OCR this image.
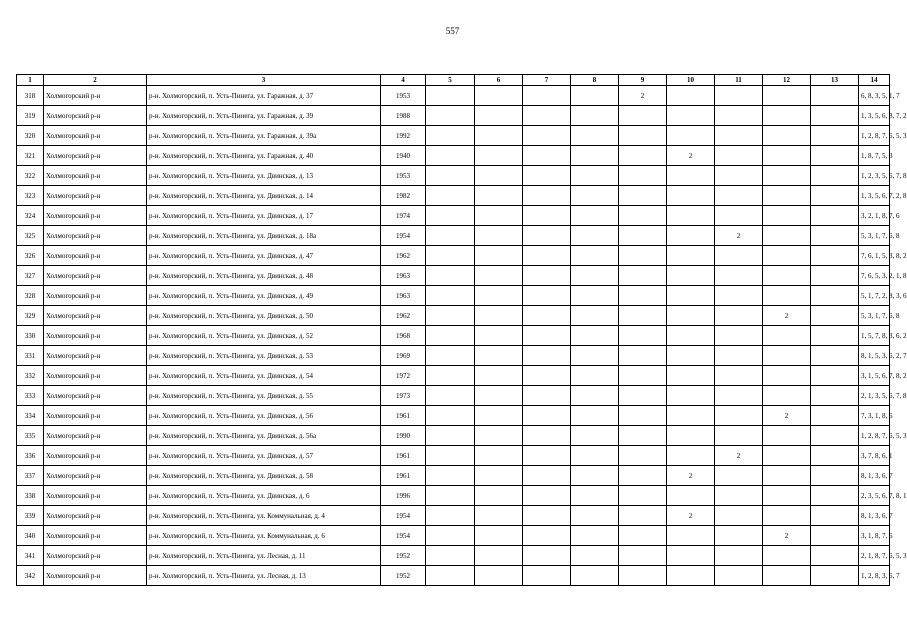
557
1	2	3	4	5	6	7	8	9	10	11	12	13	14
318	Холмогорский р-н	р-н. Холмогорский, п. Усть-Пинега, ул. Гаражная, д. 37	1953					2					6, 8, 3, 5, 1, 7
319	Холмогорский р-н	р-н. Холмогорский, п. Усть-Пинега, ул. Гаражная, д. 39	1988										1, 3, 5, 6, 8, 7, 2
320	Холмогорский р-н	р-н. Холмогорский, п. Усть-Пинега, ул. Гаражная, д. 39а	1992										1, 2, 8, 7, 6, 5, 3
321	Холмогорский р-н	р-н. Холмогорский, п. Усть-Пинега, ул. Гаражная, д. 40	1940						2				1, 8, 7, 5, 3
322	Холмогорский р-н	р-н. Холмогорский, п. Усть-Пинега, ул. Двинская, д. 13	1953										1, 2, 3, 5, 6, 7, 8
323	Холмогорский р-н	р-н. Холмогорский, п. Усть-Пинега, ул. Двинская, д. 14	1982										1, 3, 5, 6, 7, 2, 8
324	Холмогорский р-н	р-н. Холмогорский, п. Усть-Пинега, ул. Двинская, д. 17	1974										3, 2, 1, 8, 7, 6
325	Холмогорский р-н	р-н. Холмогорский, п. Усть-Пинега, ул. Двинская, д. 18а	1954							2			5, 3, 1, 7, 6, 8
326	Холмогорский р-н	р-н. Холмогорский, п. Усть-Пинега, ул. Двинская, д. 47	1962										7, 6, 1, 5, 3, 8, 2
327	Холмогорский р-н	р-н. Холмогорский, п. Усть-Пинега, ул. Двинская, д. 48	1963										7, 6, 5, 3, 2, 1, 8
328	Холмогорский р-н	р-н. Холмогорский, п. Усть-Пинега, ул. Двинская, д. 49	1963										5, 1, 7, 2, 8, 3, 6
329	Холмогорский р-н	р-н. Холмогорский, п. Усть-Пинега, ул. Двинская, д. 50	1962								2		5, 3, 1, 7, 6, 8
330	Холмогорский р-н	р-н. Холмогорский, п. Усть-Пинега, ул. Двинская, д. 52	1968										1, 5, 7, 8, 3, 6, 2
331	Холмогорский р-н	р-н. Холмогорский, п. Усть-Пинега, ул. Двинская, д. 53	1969										8, 1, 5, 3, 6, 2, 7
332	Холмогорский р-н	р-н. Холмогорский, п. Усть-Пинега, ул. Двинская, д. 54	1972										3, 1, 5, 6, 7, 8, 2
333	Холмогорский р-н	р-н. Холмогорский, п. Усть-Пинега, ул. Двинская, д. 55	1973										2, 1, 3, 5, 6, 7, 8
334	Холмогорский р-н	р-н. Холмогорский, п. Усть-Пинега, ул. Двинская, д. 56	1961								2		7, 3, 1, 8, 6
335	Холмогорский р-н	р-н. Холмогорский, п. Усть-Пинега, ул. Двинская, д. 56а	1990										1, 2, 8, 7, 6, 5, 3
336	Холмогорский р-н	р-н. Холмогорский, п. Усть-Пинега, ул. Двинская, д. 57	1961							2			3, 7, 8, 6, 1
337	Холмогорский р-н	р-н. Холмогорский, п. Усть-Пинега, ул. Двинская, д. 58	1961						2				8, 1, 3, 6, 7
338	Холмогорский р-н	р-н. Холмогорский, п. Усть-Пинега, ул. Двинская, д. 6	1996										2, 3, 5, 6, 7, 8, 1
339	Холмогорский р-н	р-н. Холмогорский, п. Усть-Пинега, ул. Коммунальная, д. 4	1954						2				8, 1, 3, 6, 7
340	Холмогорский р-н	р-н. Холмогорский, п. Усть-Пинега, ул. Коммунальная, д. 6	1954								2		3, 1, 8, 7, 6
341	Холмогорский р-н	р-н. Холмогорский, п. Усть-Пинега, ул. Лесная, д. 11	1952										2, 1, 8, 7, 6, 5, 3
342	Холмогорский р-н	р-н. Холмогорский, п. Усть-Пинега, ул. Лесная, д. 13	1952										1, 2, 8, 3, 6, 7
